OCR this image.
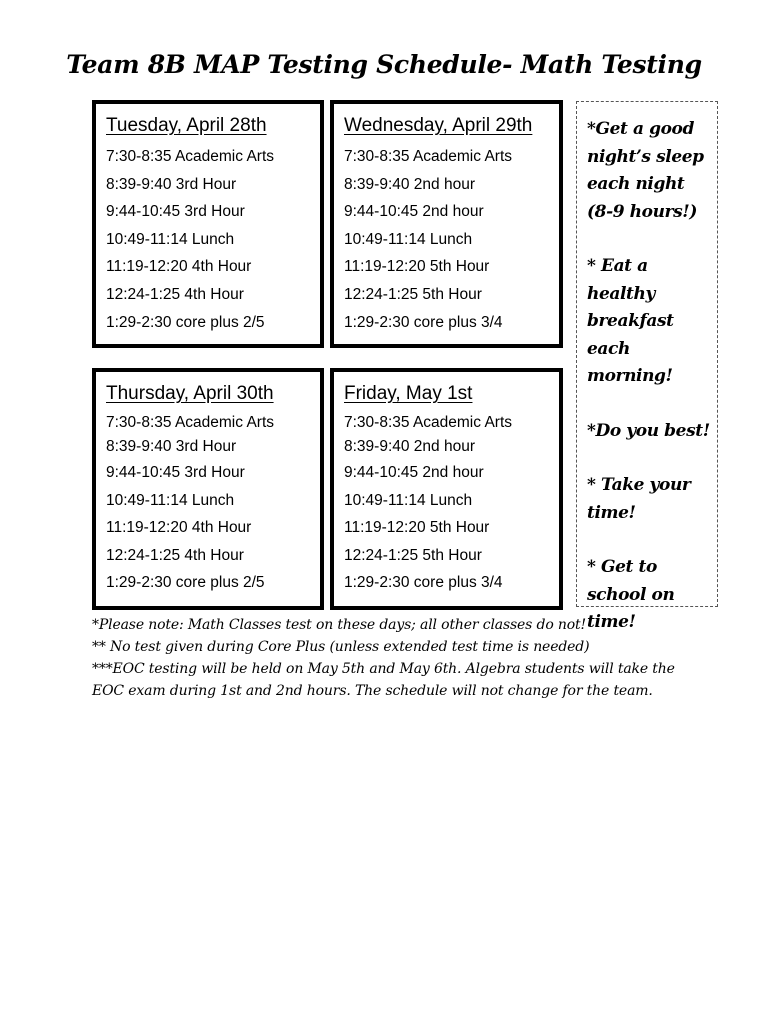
Team 8B MAP Testing Schedule- Math Testing
Tuesday, April 28th
7:30-8:35 Academic Arts
8:39-9:40 3rd Hour
9:44-10:45 3rd Hour
10:49-11:14 Lunch
11:19-12:20 4th Hour
12:24-1:25 4th Hour
1:29-2:30 core plus 2/5
Wednesday, April 29th
7:30-8:35 Academic Arts
8:39-9:40 2nd hour
9:44-10:45 2nd hour
10:49-11:14 Lunch
11:19-12:20 5th Hour
12:24-1:25 5th Hour
1:29-2:30 core plus 3/4
Thursday, April 30th
7:30-8:35 Academic Arts
8:39-9:40 3rd Hour
9:44-10:45 3rd Hour
10:49-11:14 Lunch
11:19-12:20 4th Hour
12:24-1:25 4th Hour
1:29-2:30 core plus 2/5
Friday, May 1st
7:30-8:35 Academic Arts
8:39-9:40 2nd hour
9:44-10:45 2nd hour
10:49-11:14 Lunch
11:19-12:20 5th Hour
12:24-1:25 5th Hour
1:29-2:30 core plus 3/4
*Get a good night’s sleep each night (8-9 hours!)
* Eat a healthy breakfast each morning!
*Do you best!
* Take your time!
* Get to school on time!

*Please note: Math Classes test on these days; all other classes do not!

** No test given during Core Plus (unless extended test time is needed)

***EOC testing will be held on May 5th and May 6th. Algebra students will take the EOC exam during 1st and 2nd hours. The schedule will not change for the team.
